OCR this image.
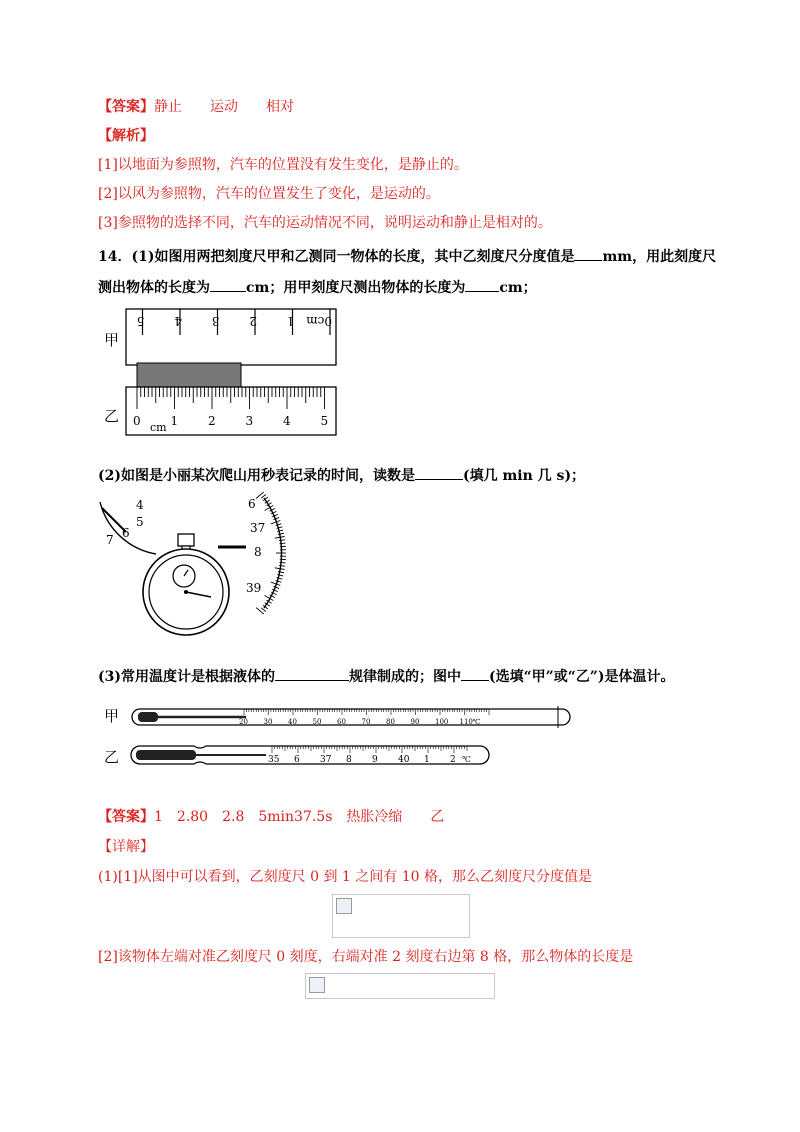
【答案】静止 运动 相对
【解析】
[1]以地面为参照物，汽车的位置没有发生变化，是静止的。
[2]以风为参照物，汽车的位置发生了变化，是运动的。
[3]参照物的选择不同，汽车的运动情况不同，说明运动和静止是相对的。
14．(1)如图用两把刻度尺甲和乙测同一物体的长度，其中乙刻度尺分度值是 mm，用此刻度尺
测出物体的长度为	cm；用甲刻度尺测出物体的长度为 cm；
甲
乙
0cm
1
2
3
4
5
0 1 2 3 4 5
cm
(2)如图是小丽某次爬山用秒表记录的时间，读数是	(填几 min 几 s)；
4
5
6
7
6
37
8
39
(3)常用温度计是根据液体的	规律制成的；图中 (选填“甲”或“乙”)是体温计。
甲
乙
20 30 40 50 60 70 80 90 100 110 ℃
35 6 37 8 9 40 1 2 ℃
【答案】1 2.80 2.8 5min37.5s 热胀冷缩 乙
【详解】
(1)[1]从图中可以看到，乙刻度尺 0 到 1 之间有 10 格，那么乙刻度尺分度值是
[2]该物体左端对准乙刻度尺 0 刻度，右端对准 2 刻度右边第 8 格，那么物体的长度是
